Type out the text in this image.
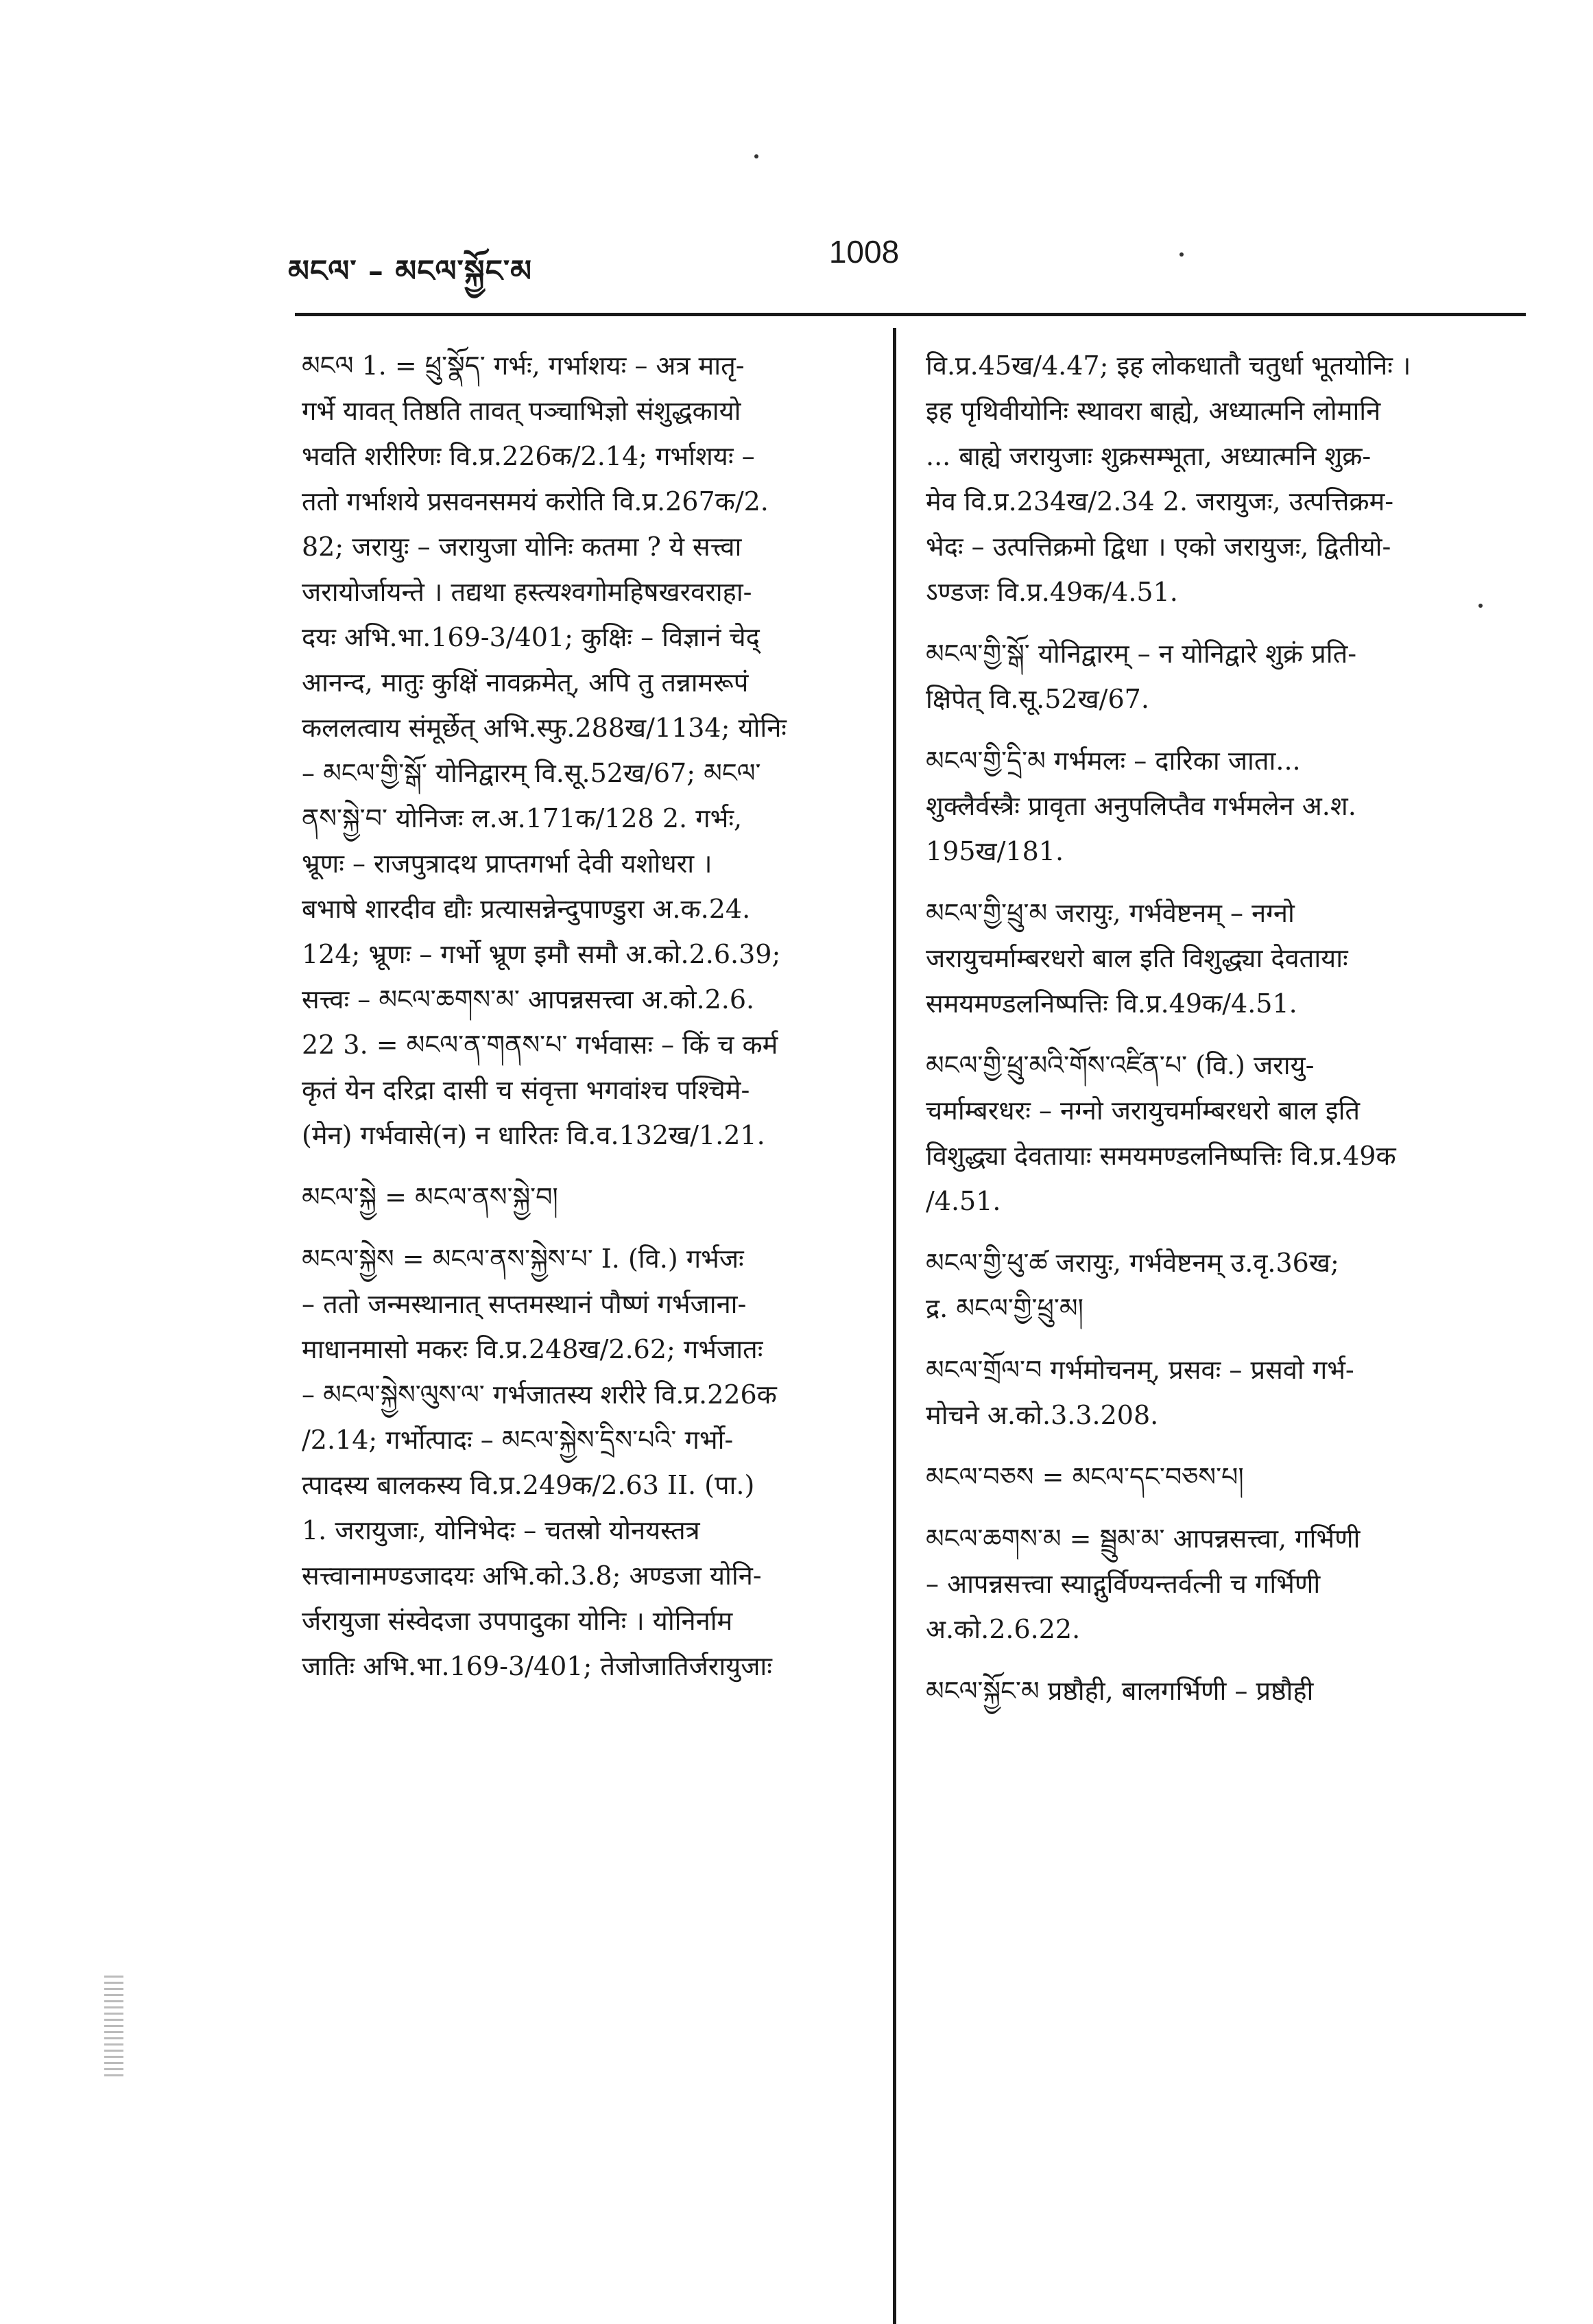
མངལ་ – མངལ་སྐྱོང་མ
1008

མངལ 1. = ཕྲུ་སྣོད་ गर्भः, गर्भाशयः – अत्र मातृ-

गर्भे यावत् तिष्ठति तावत् पञ्चाभिज्ञो संशुद्धकायो

भवति शरीरिणः वि.प्र.226क/2.14; गर्भाशयः –

ततो गर्भाशये प्रसवनसमयं करोति वि.प्र.267क/2.

82; जरायुः – जरायुजा योनिः कतमा ? ये सत्त्वा

जरायोर्जायन्ते । तद्यथा हस्त्यश्वगोमहिषखरवराहा-

दयः अभि.भा.169-3/401; कुक्षिः – विज्ञानं चेद्

आनन्द, मातुः कुक्षिं नावक्रमेत्, अपि तु तन्नामरूपं

कललत्वाय संमूर्छेत् अभि.स्फु.288ख/1134; योनिः

– མངལ་གྱི་སྒོ་ योनिद्वारम् वि.सू.52ख/67; མངལ་

ནས་སྐྱེ་བ་ योनिजः ल.अ.171क/128 2. गर्भः,

भ्रूणः – राजपुत्रादथ प्राप्तगर्भा देवी यशोधरा ।

बभाषे शारदीव द्यौः प्रत्यासन्नेन्दुपाण्डुरा अ.क.24.

124; भ्रूणः – गर्भो भ्रूण इमौ समौ अ.को.2.6.39;

सत्त्वः – མངལ་ཆགས་མ་ आपन्नसत्त्वा अ.को.2.6.

22 3. = མངལ་ན་གནས་པ་ गर्भवासः – किं च कर्म

कृतं येन दरिद्रा दासी च संवृत्ता भगवांश्च पश्चिमे-

(मेन) गर्भवासे(न) न धारितः वि.व.132ख/1.21.

མངལ་སྐྱེ = མངལ་ནས་སྐྱེ་བ།

མངལ་སྐྱེས = མངལ་ནས་སྐྱེས་པ་ I. (वि.) गर्भजः

– ततो जन्मस्थानात् सप्तमस्थानं पौष्णं गर्भजाना-

माधानमासो मकरः वि.प्र.248ख/2.62; गर्भजातः

– མངལ་སྐྱེས་ལུས་ལ་ गर्भजातस्य शरीरे वि.प्र.226क

/2.14; गर्भोत्पादः – མངལ་སྐྱེས་དྲིས་པའི་ गर्भो-

त्पादस्य बालकस्य वि.प्र.249क/2.63 II. (पा.)

1. जरायुजाः, योनिभेदः – चतस्रो योनयस्तत्र

सत्त्वानामण्डजादयः अभि.को.3.8; अण्डजा योनि-

र्जरायुजा संस्वेदजा उपपादुका योनिः । योनिर्नाम

जातिः अभि.भा.169-3/401; तेजोजातिर्जरायुजाः

वि.प्र.45ख/4.47; इह लोकधातौ चतुर्धा भूतयोनिः ।

इह पृथिवीयोनिः स्थावरा बाह्ये, अध्यात्मनि लोमानि

... बाह्ये जरायुजाः शुक्रसम्भूता, अध्यात्मनि शुक्र-

मेव वि.प्र.234ख/2.34 2. जरायुजः, उत्पत्तिक्रम-

भेदः – उत्पत्तिक्रमो द्विधा । एको जरायुजः, द्वितीयो-

ऽण्डजः वि.प्र.49क/4.51.

མངལ་གྱི་སྒོ་ योनिद्वारम् – न योनिद्वारे शुक्रं प्रति-

क्षिपेत् वि.सू.52ख/67.

མངལ་གྱི་དྲི་མ गर्भमलः – दारिका जाता...

शुक्लैर्वस्त्रैः प्रावृता अनुपलिप्तैव गर्भमलेन अ.श.

195ख/181.

མངལ་གྱི་ཕྲུ་མ जरायुः, गर्भवेष्टनम् – नग्नो

जरायुचर्माम्बरधरो बाल इति विशुद्ध्या देवतायाः

समयमण्डलनिष्पत्तिः वि.प्र.49क/4.51.

མངལ་གྱི་ཕྲུ་མའི་གོས་འཛིན་པ་ (वि.) जरायु-

चर्माम्बरधरः – नग्नो जरायुचर्माम्बरधरो बाल इति

विशुद्ध्या देवतायाः समयमण्डलनिष्पत्तिः वि.प्र.49क

/4.51.

མངལ་གྱི་ཕུ་ཚ जरायुः, गर्भवेष्टनम् उ.वृ.36ख;

द्र. མངལ་གྱི་ཕྲུ་མ།

མངལ་གྲོལ་བ गर्भमोचनम्, प्रसवः – प्रसवो गर्भ-

मोचने अ.को.3.3.208.

མངལ་བཅས = མངལ་དང་བཅས་པ།

མངལ་ཆགས་མ = སྦྲུམ་མ་ आपन्नसत्त्वा, गर्भिणी

– आपन्नसत्त्वा स्याद्गुर्विण्यन्तर्वत्नी च गर्भिणी

अ.को.2.6.22.

མངལ་སྐྱོང་མ प्रष्ठौही, बालगर्भिणी – प्रष्ठौही
